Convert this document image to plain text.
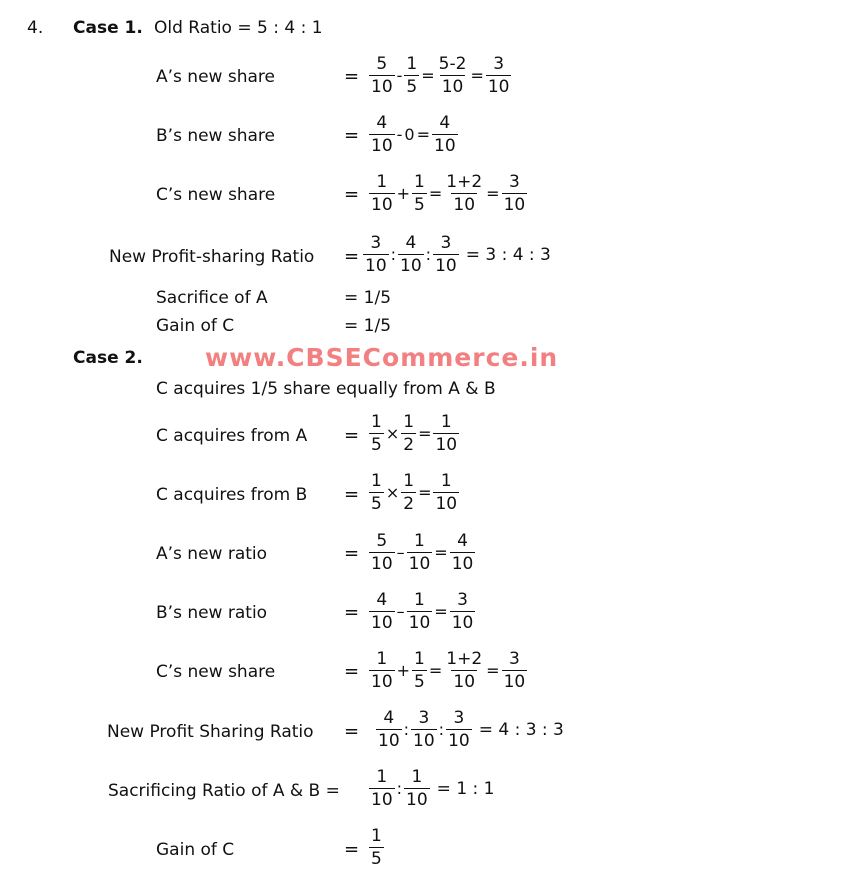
4. Case 1. Old Ratio = 5 : 4 : 1
A’s new share	= $\frac{5}{10} - \frac{1}{5} = \frac{5-2}{10} = \frac{3}{10}$
B’s new share	= $\frac{4}{10} - 0 = \frac{4}{10}$
C’s new share	= $\frac{1}{10} + \frac{1}{5} = \frac{1+2}{10} = \frac{3}{10}$
New Profit-sharing Ratio = $\frac{3}{10}$ : $\frac{4}{10}$ : $\frac{3}{10} = 3$ : 4 : 3
Sacrifice of A	= 1/5
Gain of C	= 1/5
Case 2. www.CBSECommerce.in
C acquires 1/5 share equally from A & B
C acquires from $A = \frac{1}{5} \times \frac{1}{2} = \frac{1}{10}$
C acquires from $B = \frac{1}{5} \times \frac{1}{2} = \frac{1}{10}$
A’s new ratio	= $\frac{5}{10} - \frac{1}{10} = \frac{4}{10}$
B’s new ratio	= $\frac{4}{10} - \frac{1}{10} = \frac{3}{10}$
C’s new share	= $\frac{1}{10} + \frac{1}{5} = \frac{1+2}{10} = \frac{3}{10}$
New Profit Sharing Ratio = $\frac{4}{10}$ : $\frac{3}{10}$ : $\frac{3}{10} = 4$ : 3 : 3
Sacrificing Ratio of A & $B = \frac{1}{10}$ : $\frac{1}{10} = 1$ : 1
Gain of C	= $\frac{1}{5}$
